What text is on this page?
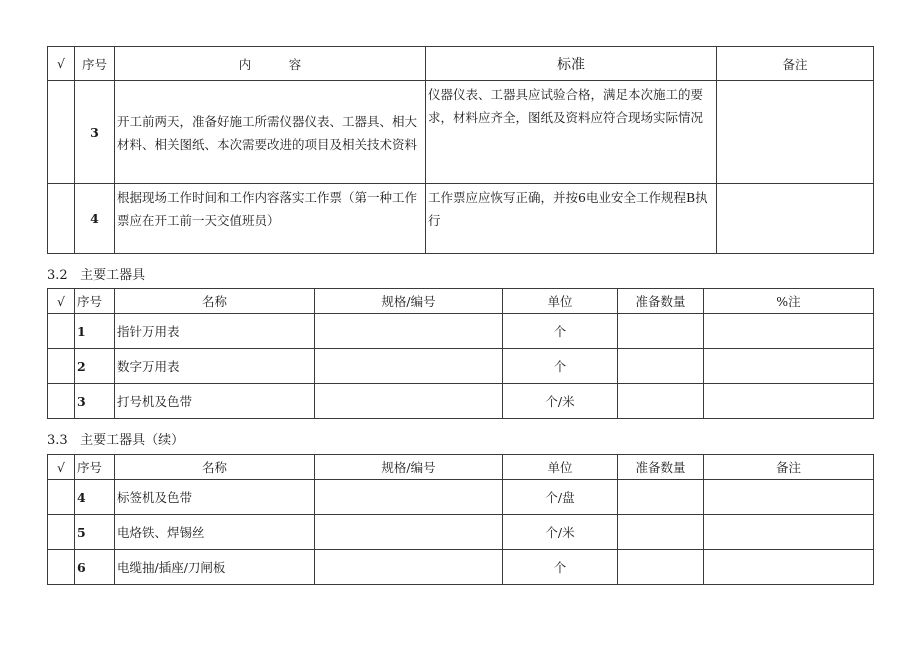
√	序号	内　　　容	标准	备注
	3	开工前两天，准备好施工所需仪器仪表、工器具、相大材料、相关图纸、本次需要改进的项目及相关技术资料	仪器仪表、工器具应试验合格，满足本次施工的要求，材料应齐全，图纸及资料应符合现场实际情况	
	4	根据现场工作时间和工作内容落实工作票（第一种工作票应在开工前一天交值班员）	工作票应应恢写正确，并按6电业安全工作规程B执行	
3.2 主要工器具
√	序号	名称	规格/编号	单位	准备数量	%注
	1	指针万用表		个		
	2	数字万用表		个		
	3	打号机及色带		个/米		
3.3 主要工器具（续）
√	序号	名称	规格/编号	单位	准备数量	备注
	4	标签机及色带		个/盘		
	5	电烙铁、焊锡丝		个/米		
	6	电缆抽/插座/刀闸板		个		
